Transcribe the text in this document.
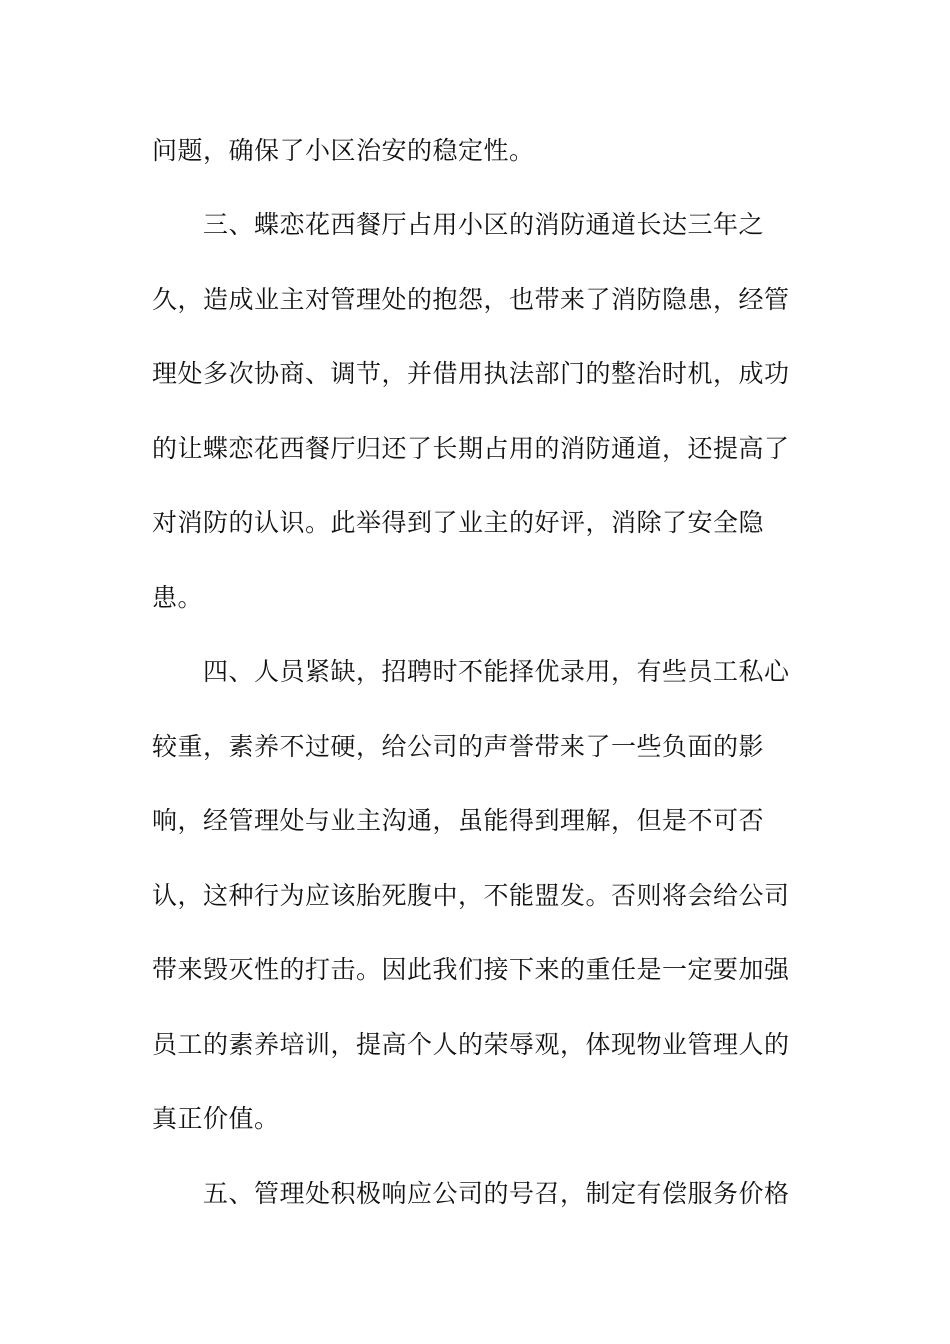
问题，确保了小区治安的稳定性。
三、蝶恋花西餐厅占用小区的消防通道长达三年之
久，造成业主对管理处的抱怨，也带来了消防隐患，经管
理处多次协商、调节，并借用执法部门的整治时机，成功
的让蝶恋花西餐厅归还了长期占用的消防通道，还提高了
对消防的认识。此举得到了业主的好评，消除了安全隐
患。
四、人员紧缺，招聘时不能择优录用，有些员工私心
较重，素养不过硬，给公司的声誉带来了一些负面的影
响，经管理处与业主沟通，虽能得到理解，但是不可否
认，这种行为应该胎死腹中，不能盟发。否则将会给公司
带来毁灭性的打击。因此我们接下来的重任是一定要加强
员工的素养培训，提高个人的荣辱观，体现物业管理人的
真正价值。
五、管理处积极响应公司的号召，制定有偿服务价格
